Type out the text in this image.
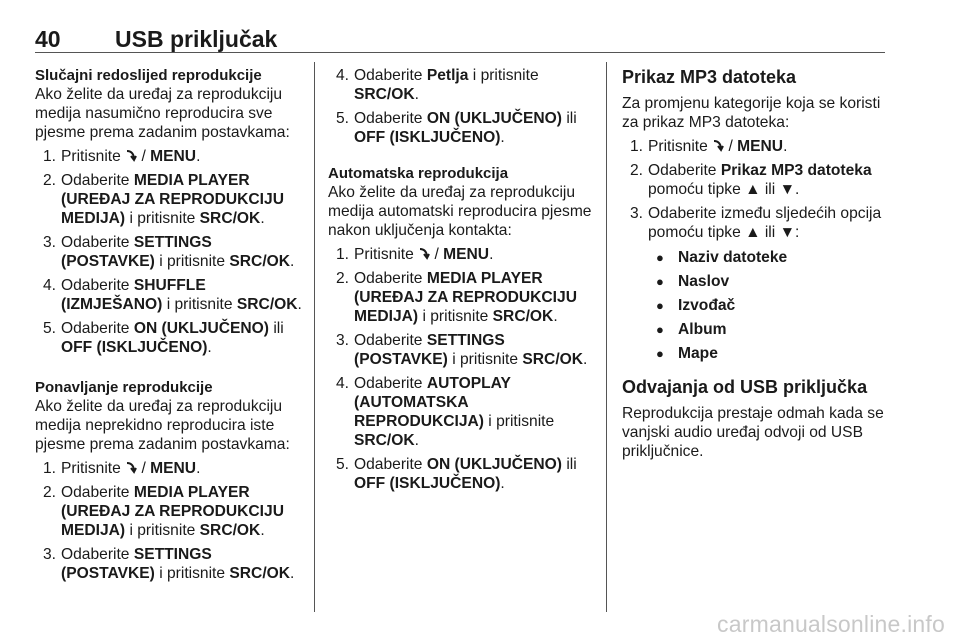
40 USB priključak

Slučajni redoslijed reprodukcije

Ako želite da uređaj za reprodukciju medija nasumično reproducira sve pjesme prema zadanim postavkama:

1. Pritisnite  / MENU.
2. Odaberite MEDIA PLAYER (UREĐAJ ZA REPRODUKCIJU MEDIJA) i pritisnite SRC/OK.
3. Odaberite SETTINGS (POSTAVKE) i pritisnite SRC/OK.
4. Odaberite SHUFFLE (IZMJEŠANO) i pritisnite SRC/OK.
5. Odaberite ON (UKLJUČENO) ili OFF (ISKLJUČENO).

Ponavljanje reprodukcije

Ako želite da uređaj za reprodukciju medija neprekidno reproducira iste pjesme prema zadanim postavkama:

1. Pritisnite  / MENU.
2. Odaberite MEDIA PLAYER (UREĐAJ ZA REPRODUKCIJU MEDIJA) i pritisnite SRC/OK.
3. Odaberite SETTINGS (POSTAVKE) i pritisnite SRC/OK.
4. Odaberite Petlja i pritisnite SRC/OK.
5. Odaberite ON (UKLJUČENO) ili OFF (ISKLJUČENO).

Automatska reprodukcija

Ako želite da uređaj za reprodukciju medija automatski reproducira pjesme nakon uključenja kontakta:

1. Pritisnite  / MENU.
2. Odaberite MEDIA PLAYER (UREĐAJ ZA REPRODUKCIJU MEDIJA) i pritisnite SRC/OK.
3. Odaberite SETTINGS (POSTAVKE) i pritisnite SRC/OK.
4. Odaberite AUTOPLAY (AUTOMATSKA REPRODUKCIJA) i pritisnite SRC/OK.
5. Odaberite ON (UKLJUČENO) ili OFF (ISKLJUČENO).

Prikaz MP3 datoteka

Za promjenu kategorije koja se koristi za prikaz MP3 datoteka:

1. Pritisnite  / MENU.
2. Odaberite Prikaz MP3 datoteka pomoću tipke ▲ ili ▼.
3. Odaberite između sljedećih opcija pomoću tipke ▲ ili ▼:
● Naziv datoteke
● Naslov
● Izvođač
● Album
● Mape

Odvajanja od USB priključka

Reprodukcija prestaje odmah kada se vanjski audio uređaj odvoji od USB priključnice.

carmanualsonline.info
